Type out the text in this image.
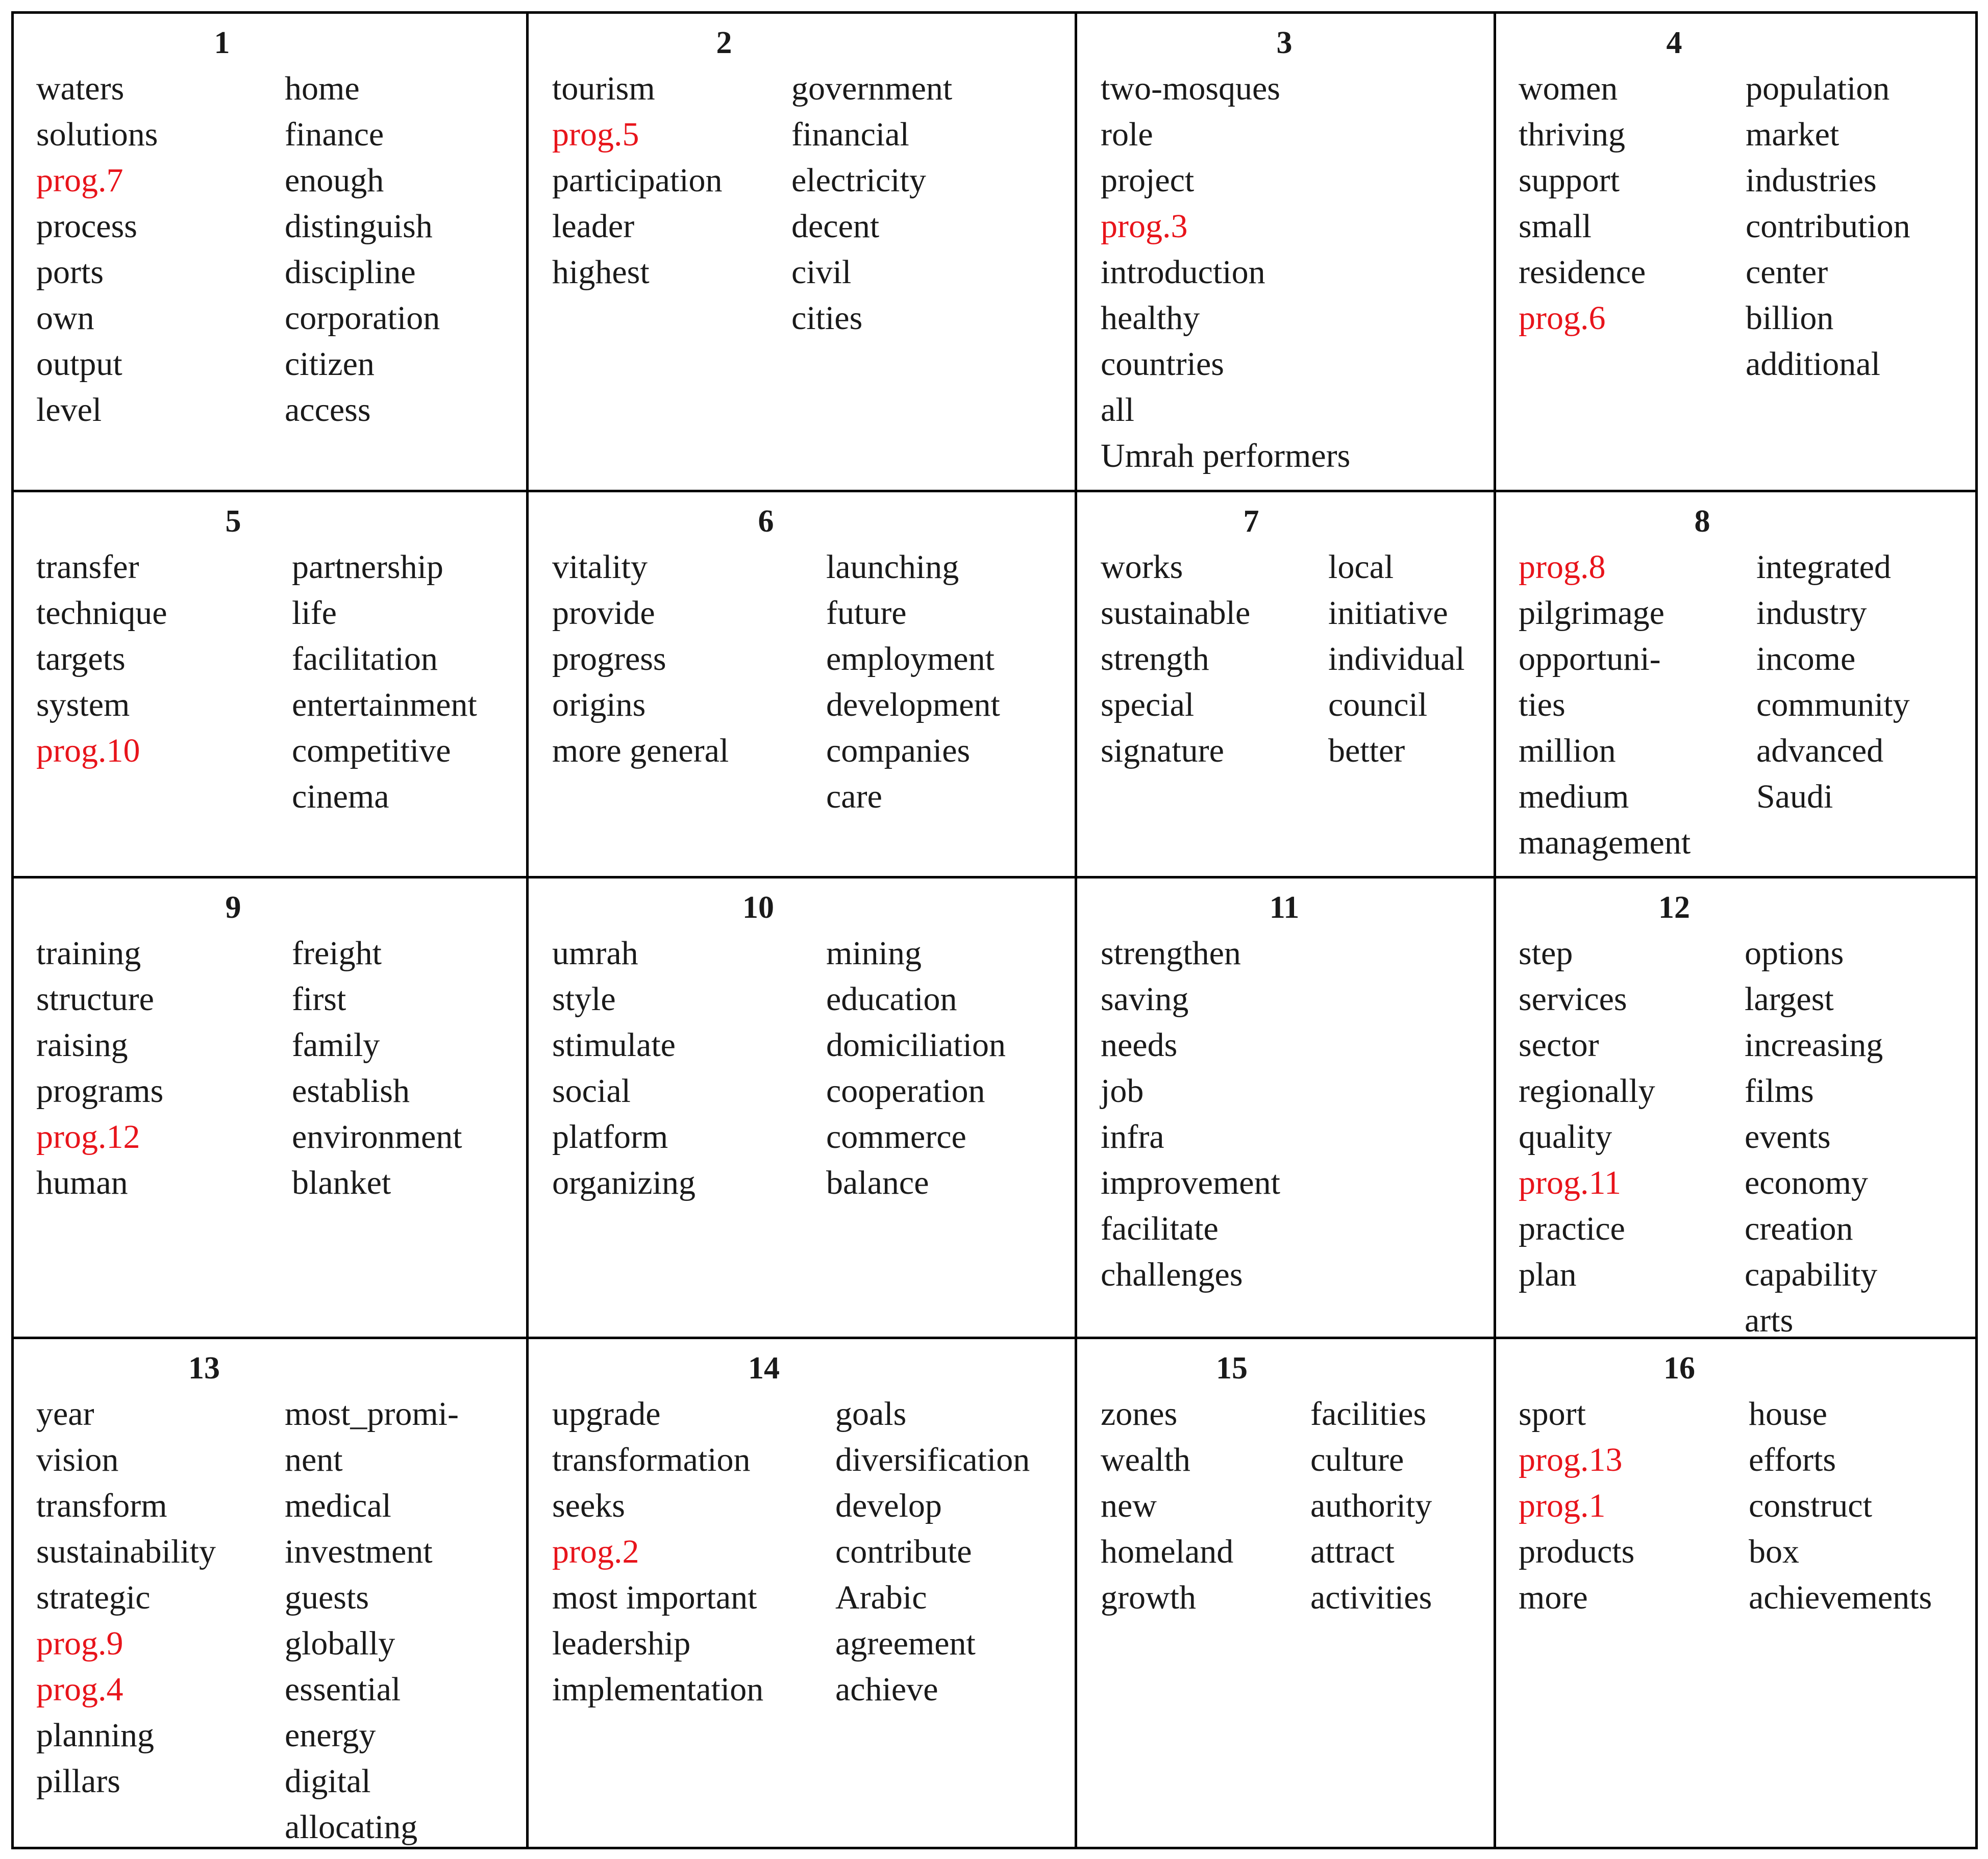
1
waters
solutions
prog.7
process
ports
own
output
level
home
finance
enough
distinguish
discipline
corporation
citizen
access
2
tourism
prog.5
participation
leader
highest
government
financial
electricity
decent
civil
cities
3
two-mosques
role
project
prog.3
introduction
healthy
countries
all
Umrah performers
4
women
thriving
support
small
residence
prog.6
population
market
industries
contribution
center
billion
additional
5
transfer
technique
targets
system
prog.10
partnership
life
facilitation
entertainment
competitive
cinema
6
vitality
provide
progress
origins
more general
launching
future
employment
development
companies
care
7
works
sustainable
strength
special
signature
local
initiative
individual
council
better
8
prog.8
pilgrimage
opportuni-
ties
million
medium
management
integrated
industry
income
community
advanced
Saudi
9
training
structure
raising
programs
prog.12
human
freight
first
family
establish
environment
blanket
10
umrah
style
stimulate
social
platform
organizing
mining
education
domiciliation
cooperation
commerce
balance
11
strengthen
saving
needs
job
infra
improvement
facilitate
challenges
12
step
services
sector
regionally
quality
prog.11
practice
plan
options
largest
increasing
films
events
economy
creation
capability
arts
13
year
vision
transform
sustainability
strategic
prog.9
prog.4
planning
pillars
most_promi-
nent
medical
investment
guests
globally
essential
energy
digital
allocating
14
upgrade
transformation
seeks
prog.2
most important
leadership
implementation
goals
diversification
develop
contribute
Arabic
agreement
achieve
15
zones
wealth
new
homeland
growth
facilities
culture
authority
attract
activities
16
sport
prog.13
prog.1
products
more
house
efforts
construct
box
achievements
